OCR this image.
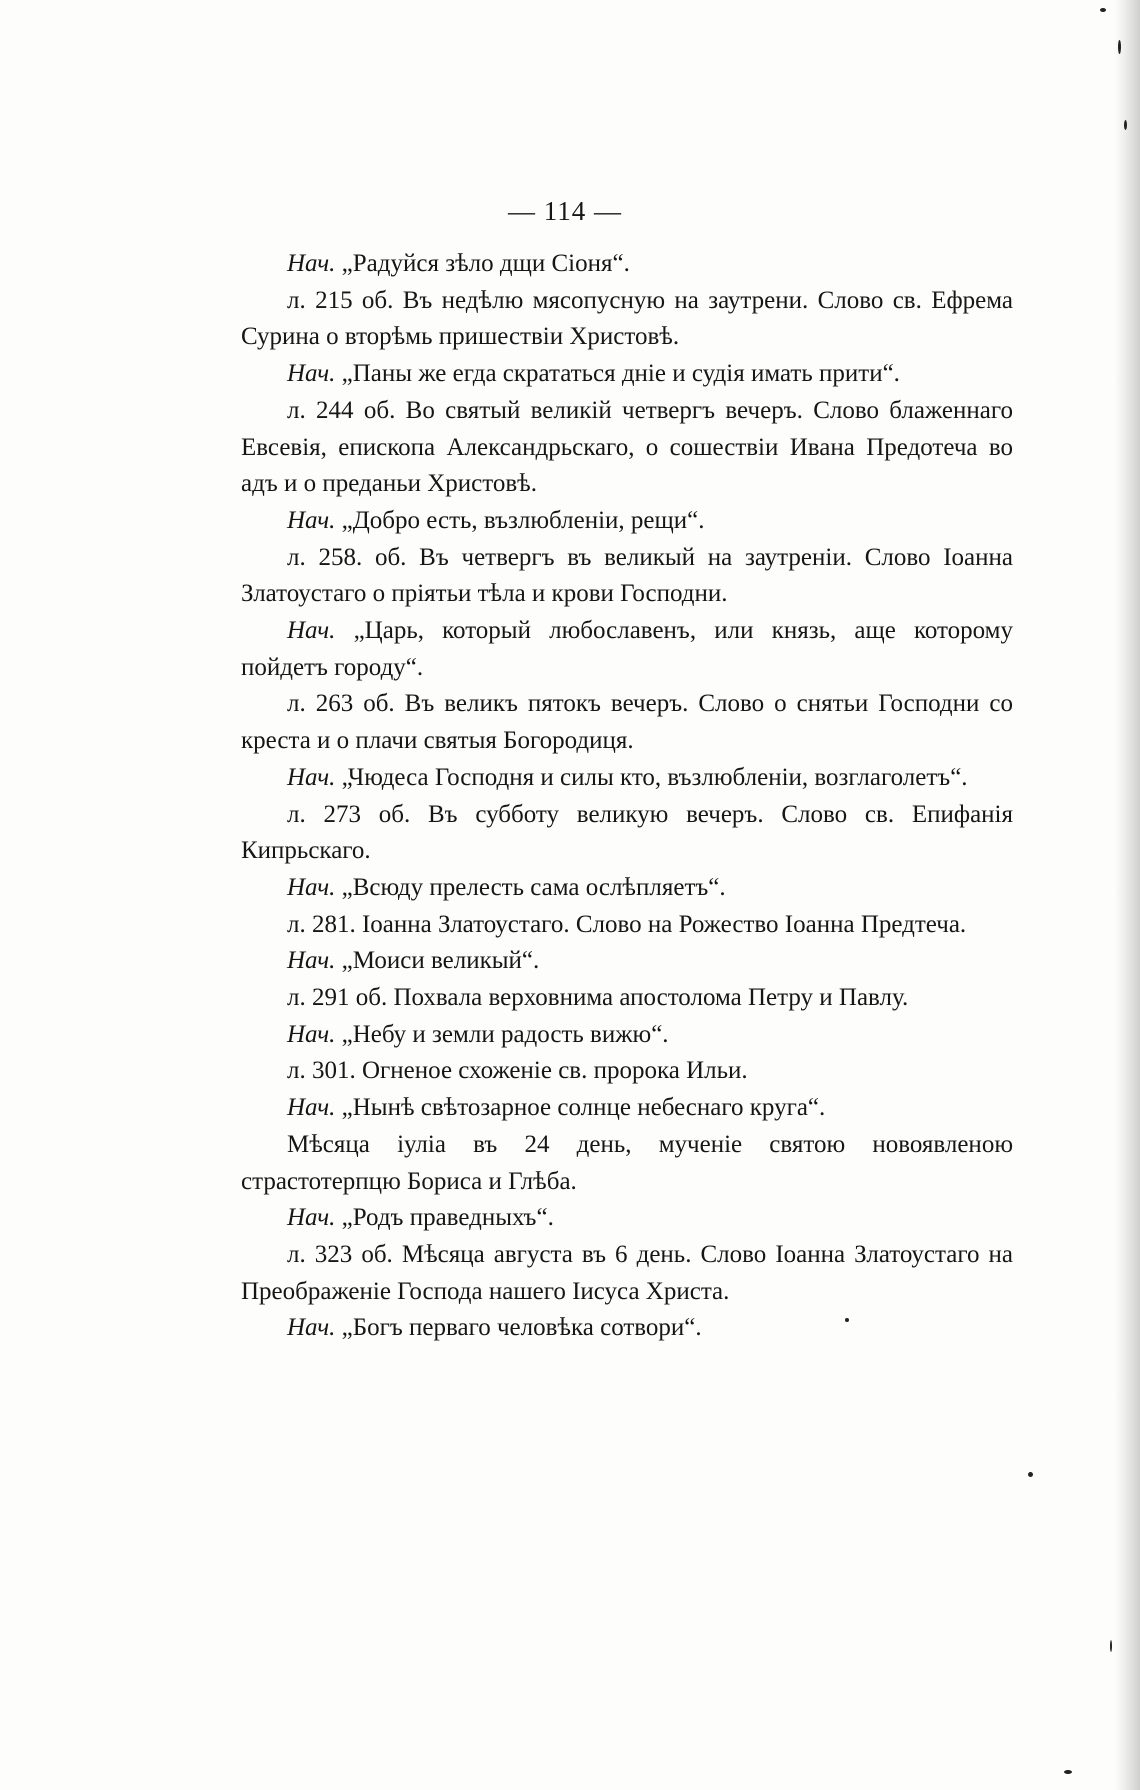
— 114 —

Нач. „Радуйся зѣло дщи Сіоня“.

л. 215 об. Въ недѣлю мясопусную на заутрени. Слово св. Ефрема Сурина о вторѣмь пришествіи Христовѣ.

Нач. „Паны же егда скрататься дніе и судія имать прити“.

л. 244 об. Во святый великій четвергъ вечеръ. Слово блаженнаго Евсевія, епископа Александрьскаго, о сошествіи Ивана Предотеча во адъ и о преданьи Христовѣ.

Нач. „Добро есть, възлюбленіи, рещи“.

л. 258. об. Въ четвергъ въ великый на заутреніи. Слово Іоанна Златоустаго о пріятьи тѣла и крови Господни.

Нач. „Царь, который любославенъ, или князь, аще которому пойдетъ городу“.

л. 263 об. Въ великъ пятокъ вечеръ. Слово о снятьи Господни со креста и о плачи святыя Богородиця.

Нач. „Чюдеса Господня и силы кто, възлюбленіи, возглаголетъ“.

л. 273 об. Въ субботу великую вечеръ. Слово св. Епифанія Кипрьскаго.

Нач. „Всюду прелесть сама ослѣпляетъ“.

л. 281. Іоанна Златоустаго. Слово на Рожество Іоанна Предтеча.

Нач. „Моиси великый“.

л. 291 об. Похвала верховнима апостолома Петру и Павлу.

Нач. „Небу и земли радость вижю“.

л. 301. Огненое схоженіе св. пророка Ильи.

Нач. „Нынѣ свѣтозарное солнце небеснаго круга“.

Мѣсяца іуліа въ 24 день, мученіе святою новоявленою страстотерпцю Бориса и Глѣба.

Нач. „Родъ праведныхъ“.

л. 323 об. Мѣсяца августа въ 6 день. Слово Іоанна Златоустаго на Преображеніе Господа нашего Іисуса Христа.

Нач. „Богъ перваго человѣка сотвори“.
